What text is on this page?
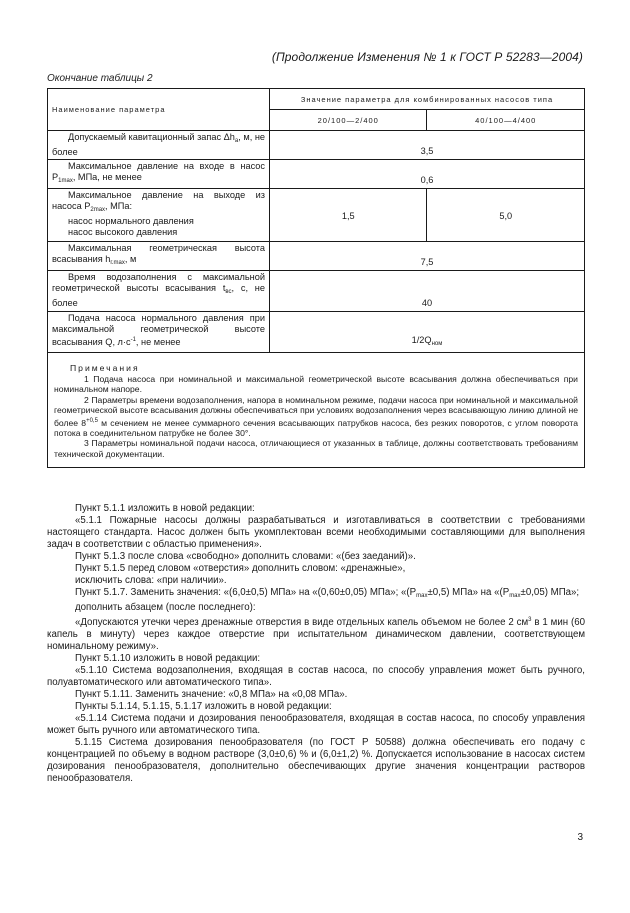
(Продолжение Изменения № 1 к ГОСТ Р 52283—2004)
Окончание таблицы 2
Наименование параметра	Значение параметра для комбинированных насосов типа	
	20/100—2/400	40/100—4/400
Допускаемый кавитационный запас $\Delta h_а$, м, не более	3,5	
Максимальное давление на входе в насос $P_{1max}$, МПа, не менее	0,6	

Максимальное давление на выходе из насоса $P_{2max}$, МПа:
насос нормального давления
насос высокого давления	1,5	5,0
Максимальная геометрическая высота всасывания $h_{г.max}$, м	7,5	
Время водозаполнения с максимальной геометрической высоты всасывания $t_{вс}$, с, не более	40	
Подача насоса нормального давления при максимальной геометрической высоте всасывания Q, $л\cdot с^{-1}$, не менее	$1/2Q_{ном}$

Примечания

1 Подача насоса при номинальной и максимальной геометрической высоте всасывания должна обеспечиваться при номинальном напоре.

2 Параметры времени водозаполнения, напора в номинальном режиме, подачи насоса при номинальной и максимальной геометрической высоте всасывания должны обеспечиваться при условиях водозаполнения через всасывающую линию длиной не более $8^{+0,5}$ м сечением не менее суммарного сечения всасывающих патрубков насоса, без резких поворотов, с углом поворота потока в соединительном патрубке не более 30°.

3 Параметры номинальной подачи насоса, отличающиеся от указанных в таблице, должны соответствовать требованиям технической документации.		

Пункт 5.1.1 изложить в новой редакции:

«5.1.1 Пожарные насосы должны разрабатываться и изготавливаться в соответствии с требованиями настоящего стандарта. Насос должен быть укомплектован всеми необходимыми составляющими для выполнения задач в соответствии с областью применения».

Пункт 5.1.3 после слова «свободно» дополнить словами: «(без заеданий)».

Пункт 5.1.5 перед словом «отверстия» дополнить словом: «дренажные»,

исключить слова: «при наличии».

Пункт 5.1.7. Заменить значения: «(6,0±0,5) МПа» на «(0,60±0,05) МПа»; «$(P_{max}\pm 0,5)$ МПа» на «$(P_{max}\pm 0,05)$ МПа»;

дополнить абзацем (после последнего):

«Допускаются утечки через дренажные отверстия в виде отдельных капель объемом не более 2 $см^3$ в 1 мин (60 капель в минуту) через каждое отверстие при испытательном динамическом давлении, соответствующем номинальному режиму».

Пункт 5.1.10 изложить в новой редакции:

«5.1.10 Система водозаполнения, входящая в состав насоса, по способу управления может быть ручного, полуавтоматического или автоматического типа».

Пункт 5.1.11. Заменить значение: «0,8 МПа» на «0,08 МПа».

Пункты 5.1.14, 5.1.15, 5.1.17 изложить в новой редакции:

«5.1.14 Система подачи и дозирования пенообразователя, входящая в состав насоса, по способу управления может быть ручного или автоматического типа.

5.1.15 Система дозирования пенообразователя (по ГОСТ Р 50588) должна обеспечивать его подачу с концентрацией по объему в водном растворе (3,0±0,6) % и (6,0±1,2) %. Допускается использование в насосах систем дозирования пенообразователя, дополнительно обеспечивающих другие значения концентрации растворов пенообразователя.

3
